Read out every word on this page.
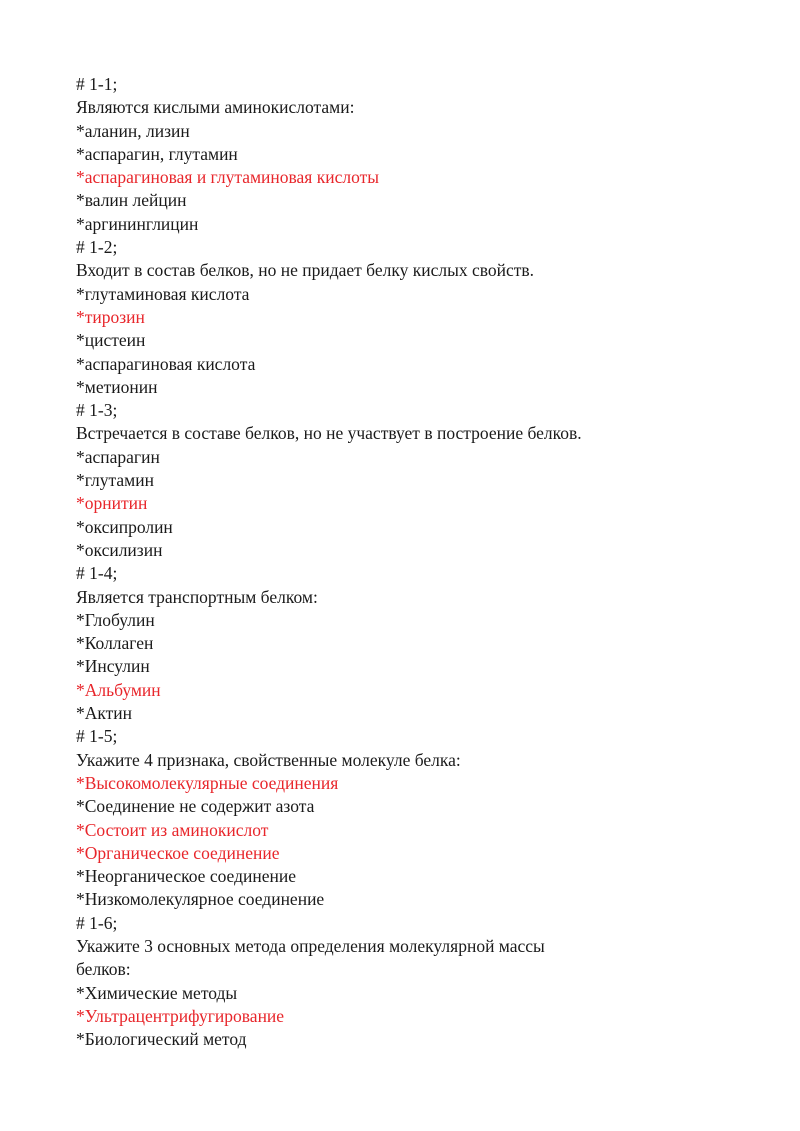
# 1-1;

Являются кислыми аминокислотами:

*аланин, лизин

*аспарагин, глутамин

*аспарагиновая и глутаминовая кислоты

*валин лейцин

*аргининглицин

# 1-2;

Входит в состав белков, но не придает белку кислых свойств.

*глутаминовая кислота

*тирозин

*цистеин

*аспарагиновая кислота

*метионин

# 1-3;

Встречается в составе белков, но не участвует в построение белков.

*аспарагин

*глутамин

*орнитин

*оксипролин

*оксилизин

# 1-4;

Является транспортным белком:

*Глобулин

*Коллаген

*Инсулин

*Альбумин

*Актин

# 1-5;

Укажите 4 признака, свойственные молекуле белка:

*Высокомолекулярные соединения

*Соединение не содержит азота

*Состоит из аминокислот

*Органическое соединение

*Неорганическое соединение

*Низкомолекулярное соединение

# 1-6;

Укажите 3 основных метода определения молекулярной массы белков:

*Химические методы

*Ультрацентрифугирование

*Биологический метод
